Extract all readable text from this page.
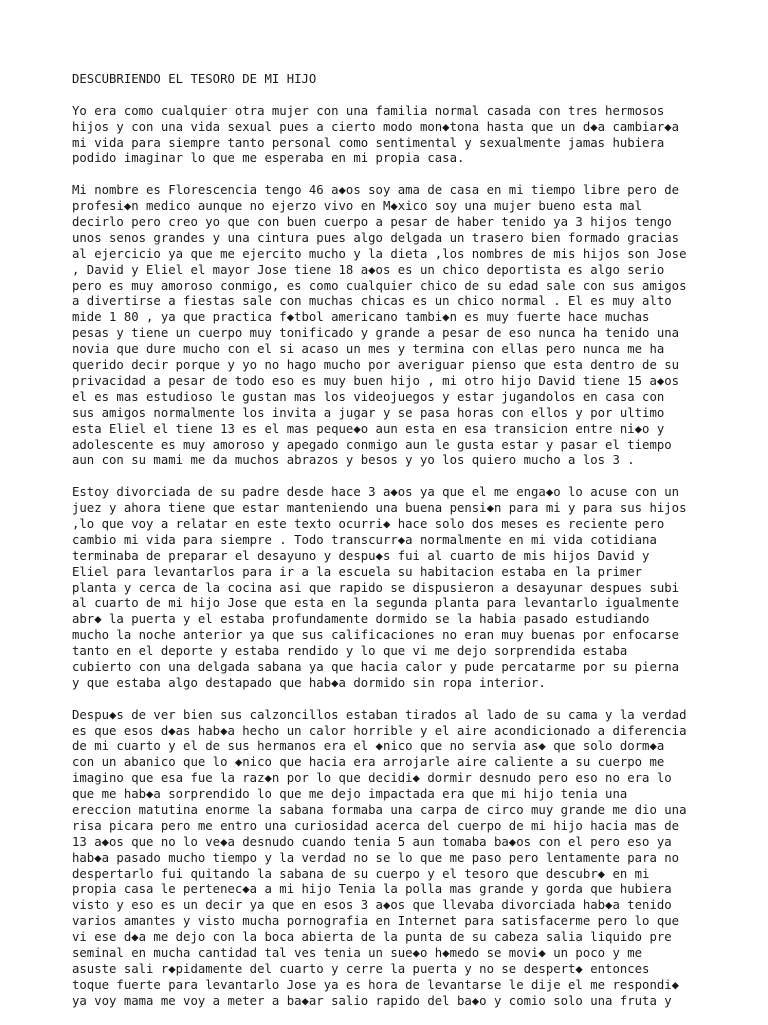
DESCUBRIENDO EL TESORO DE MI HIJO
Yo era como cualquier otra mujer con una familia normal casada con tres hermosos
hijos y con una vida sexual pues a cierto modo mon◆tona hasta que un d◆a cambiar◆a
mi vida para siempre tanto personal como sentimental y sexualmente jamas hubiera
podido imaginar lo que me esperaba en mi propia casa.
Mi nombre es Florescencia tengo 46 a◆os soy ama de casa en mi tiempo libre pero de
profesi◆n medico aunque no ejerzo vivo en M◆xico soy una mujer bueno esta mal
decirlo pero creo yo que con buen cuerpo a pesar de haber tenido ya 3 hijos tengo
unos senos grandes y una cintura pues algo delgada un trasero bien formado gracias
al ejercicio ya que me ejercito mucho y la dieta ,los nombres de mis hijos son Jose
, David y Eliel el mayor Jose tiene 18 a◆os es un chico deportista es algo serio
pero es muy amoroso conmigo, es como cualquier chico de su edad sale con sus amigos
a divertirse a fiestas sale con muchas chicas es un chico normal . El es muy alto
mide 1 80 , ya que practica f◆tbol americano tambi◆n es muy fuerte hace muchas
pesas y tiene un cuerpo muy tonificado y grande a pesar de eso nunca ha tenido una
novia que dure mucho con el si acaso un mes y termina con ellas pero nunca me ha
querido decir porque y yo no hago mucho por averiguar pienso que esta dentro de su
privacidad a pesar de todo eso es muy buen hijo , mi otro hijo David tiene 15 a◆os
el es mas estudioso le gustan mas los videojuegos y estar jugandolos en casa con
sus amigos normalmente los invita a jugar y se pasa horas con ellos y por ultimo
esta Eliel el tiene 13 es el mas peque◆o aun esta en esa transicion entre ni◆o y
adolescente es muy amoroso y apegado conmigo aun le gusta estar y pasar el tiempo
aun con su mami me da muchos abrazos y besos y yo los quiero mucho a los 3 .
Estoy divorciada de su padre desde hace 3 a◆os ya que el me enga◆o lo acuse con un
juez y ahora tiene que estar manteniendo una buena pensi◆n para mi y para sus hijos
,lo que voy a relatar en este texto ocurri◆ hace solo dos meses es reciente pero
cambio mi vida para siempre . Todo transcurr◆a normalmente en mi vida cotidiana
terminaba de preparar el desayuno y despu◆s fui al cuarto de mis hijos David y
Eliel para levantarlos para ir a la escuela su habitacion estaba en la primer
planta y cerca de la cocina asi que rapido se dispusieron a desayunar despues subi
al cuarto de mi hijo Jose que esta en la segunda planta para levantarlo igualmente
abr◆ la puerta y el estaba profundamente dormido se la habia pasado estudiando
mucho la noche anterior ya que sus calificaciones no eran muy buenas por enfocarse
tanto en el deporte y estaba rendido y lo que vi me dejo sorprendida estaba
cubierto con una delgada sabana ya que hacia calor y pude percatarme por su pierna
y que estaba algo destapado que hab◆a dormido sin ropa interior.
Despu◆s de ver bien sus calzoncillos estaban tirados al lado de su cama y la verdad
es que esos d◆as hab◆a hecho un calor horrible y el aire acondicionado a diferencia
de mi cuarto y el de sus hermanos era el ◆nico que no servia as◆ que solo dorm◆a
con un abanico que lo ◆nico que hacia era arrojarle aire caliente a su cuerpo me
imagino que esa fue la raz◆n por lo que decidi◆ dormir desnudo pero eso no era lo
que me hab◆a sorprendido lo que me dejo impactada era que mi hijo tenia una
ereccion matutina enorme la sabana formaba una carpa de circo muy grande me dio una
risa picara pero me entro una curiosidad acerca del cuerpo de mi hijo hacia mas de
13 a◆os que no lo ve◆a desnudo cuando tenia 5 aun tomaba ba◆os con el pero eso ya
hab◆a pasado mucho tiempo y la verdad no se lo que me paso pero lentamente para no
despertarlo fui quitando la sabana de su cuerpo y el tesoro que descubr◆ en mi
propia casa le pertenec◆a a mi hijo Tenia la polla mas grande y gorda que hubiera
visto y eso es un decir ya que en esos 3 a◆os que llevaba divorciada hab◆a tenido
varios amantes y visto mucha pornografia en Internet para satisfacerme pero lo que
vi ese d◆a me dejo con la boca abierta de la punta de su cabeza salia liquido pre
seminal en mucha cantidad tal ves tenia un sue◆o h◆medo se movi◆ un poco y me
asuste sali r◆pidamente del cuarto y cerre la puerta y no se despert◆ entonces
toque fuerte para levantarlo Jose ya es hora de levantarse le dije el me respondi◆
ya voy mama me voy a meter a ba◆ar salio rapido del ba◆o y comio solo una fruta y
